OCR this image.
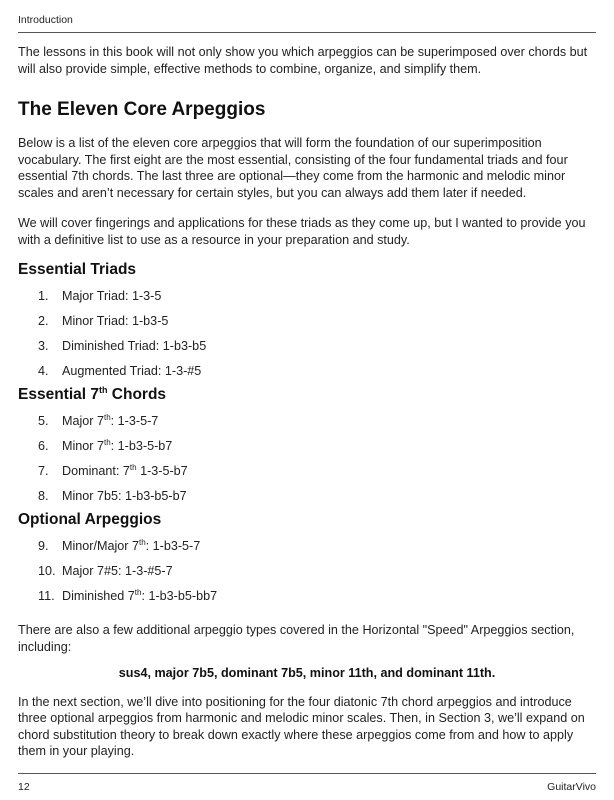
Introduction

The lessons in this book will not only show you which arpeggios can be superimposed over chords but will also provide simple, effective methods to combine, organize, and simplify them.

The Eleven Core Arpeggios

Below is a list of the eleven core arpeggios that will form the foundation of our superimposition vocabulary. The first eight are the most essential, consisting of the four fundamental triads and four essential 7th chords. The last three are optional—they come from the harmonic and melodic minor scales and aren’t necessary for certain styles, but you can always add them later if needed.

We will cover fingerings and applications for these triads as they come up, but I wanted to provide you with a definitive list to use as a resource in your preparation and study.

Essential Triads
1. Major Triad: 1-3-5
2. Minor Triad: 1-b3-5
3. Diminished Triad: 1-b3-b5
4. Augmented Triad: 1-3-#5
Essential 7th Chords
5. Major 7th: 1-3-5-7
6. Minor 7th: 1-b3-5-b7
7. Dominant: 7th 1-3-5-b7
8. Minor 7b5: 1-b3-b5-b7
Optional Arpeggios
9. Minor/Major 7th: 1-b3-5-7
10. Major 7#5: 1-3-#5-7
11. Diminished 7th: 1-b3-b5-bb7

There are also a few additional arpeggio types covered in the Horizontal "Speed" Arpeggios section, including:

sus4, major 7b5, dominant 7b5, minor 11th, and dominant 11th.

In the next section, we’ll dive into positioning for the four diatonic 7th chord arpeggios and introduce three optional arpeggios from harmonic and melodic minor scales. Then, in Section 3, we’ll expand on chord substitution theory to break down exactly where these arpeggios come from and how to apply them in your playing.

12	GuitarVivo
